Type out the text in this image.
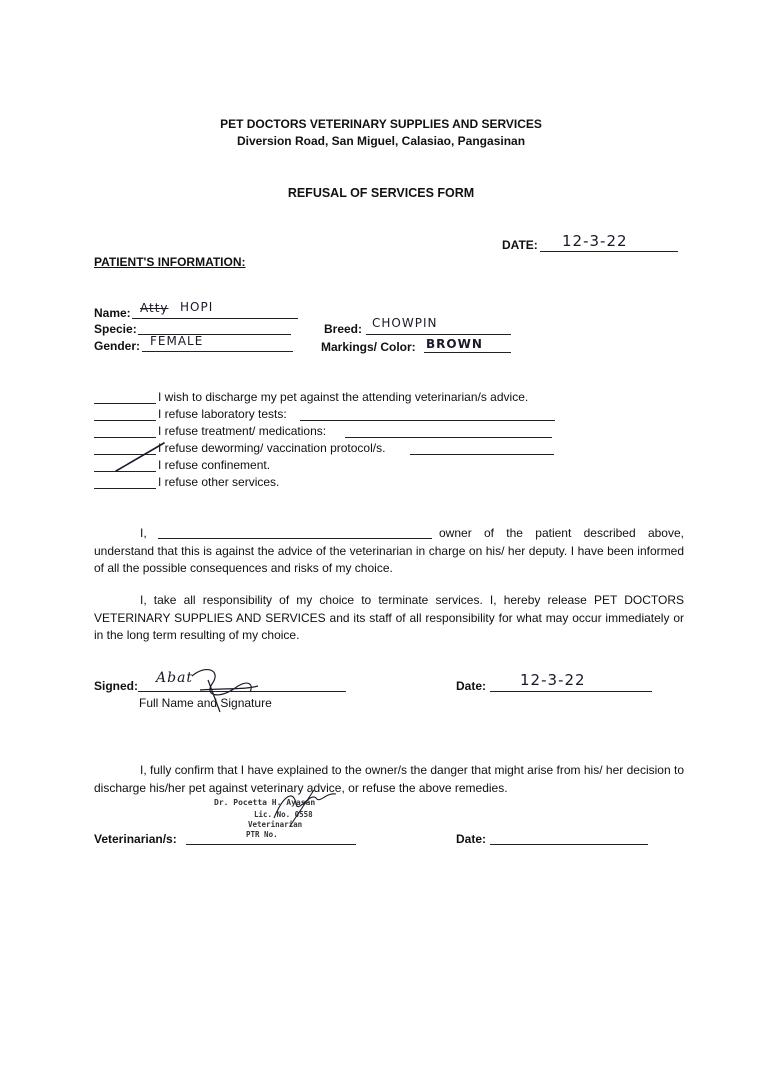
PET DOCTORS VETERINARY SUPPLIES AND SERVICES
Diversion Road, San Miguel, Calasiao, Pangasinan
REFUSAL OF SERVICES FORM
DATE: 12-3-22
PATIENT'S INFORMATION:
Name: Atty HOPI
Specie:
Gender: FEMALE
Breed: CHOWPIN
Markings/ Color: BROWN
I wish to discharge my pet against the attending veterinarian/s advice.
I refuse laboratory tests:
I refuse treatment/ medications:
I refuse deworming/ vaccination protocol/s.
I refuse confinement.
I refuse other services.
I,	owner of the patient described above, understand that this is against the advice of the veterinarian in charge on his/ her deputy. I have been informed of all the possible consequences and risks of my choice.
I, take all responsibility of my choice to terminate services. I, hereby release PET DOCTORS VETERINARY SUPPLIES AND SERVICES and its staff of all responsibility for what may occur immediately or in the long term resulting of my choice.
Signed: Abat
Full Name and Signature
Date: 12-3-22
I, fully confirm that I have explained to the owner/s the danger that might arise from his/ her decision to discharge his/her pet against veterinary advice, or refuse the above remedies.
Dr. Pocetta H. Ayasan
Lic. No. 0558
Veterinarian
PTR No.
Veterinarian/s:	Date:
